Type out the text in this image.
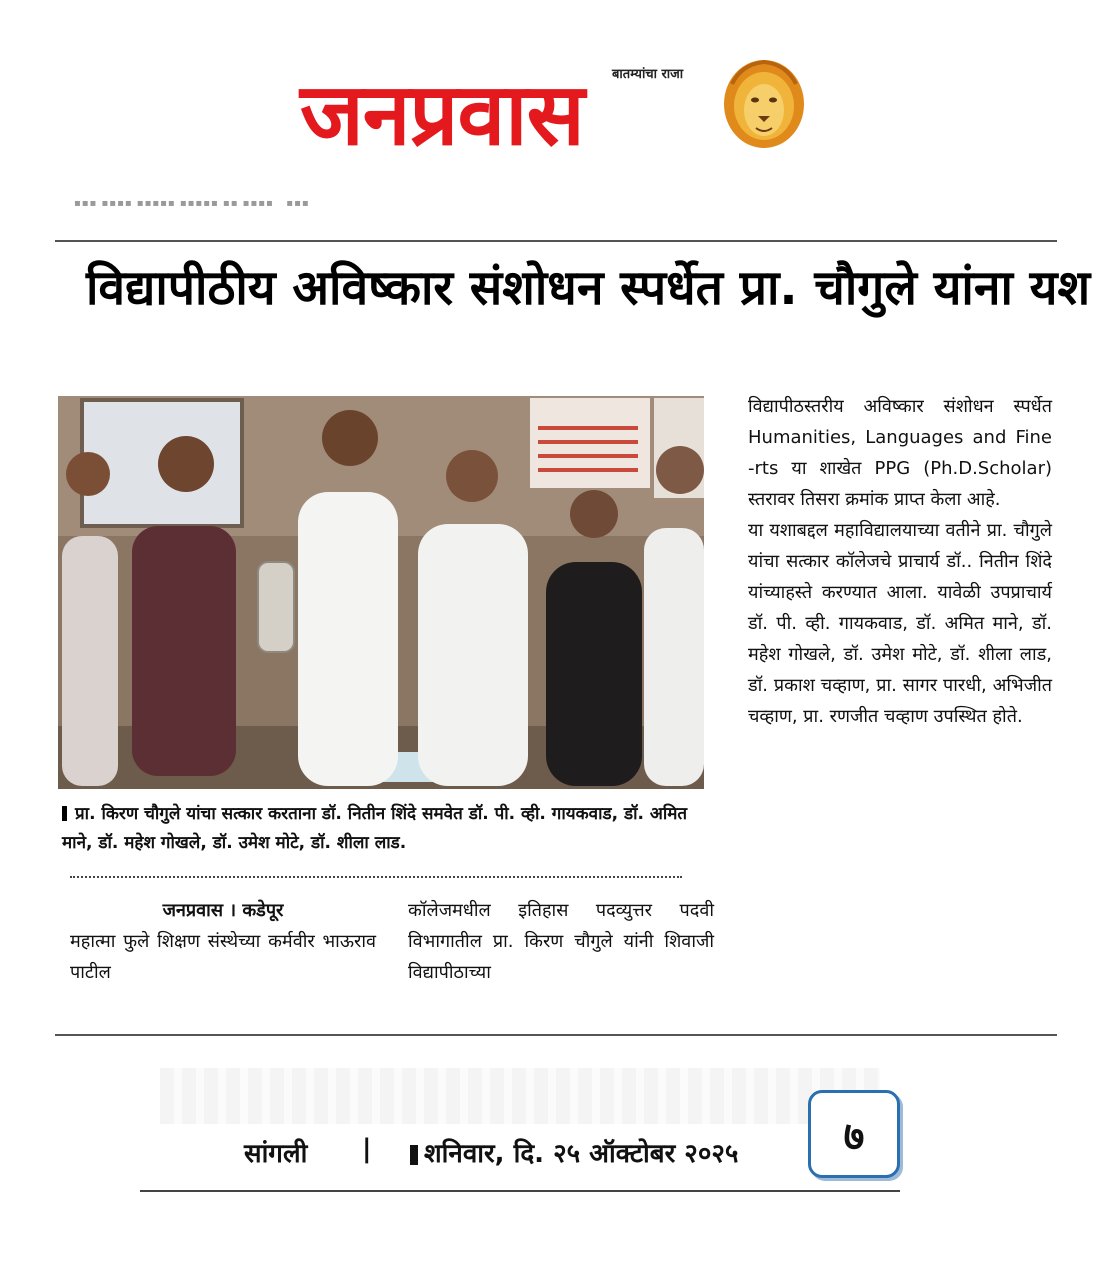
बातम्यांचा राजा
जनप्रवास
▪▪▪ ▪▪▪▪ ▪▪▪▪▪ ▪▪▪▪▪ ▪▪ ▪▪▪▪   ▪▪▪
विद्यापीठीय अविष्कार संशोधन स्पर्धेत प्रा. चौगुले यांना यश
प्रा. किरण चौगुले यांचा सत्कार करताना डॉ. नितीन शिंदे समवेत डॉ. पी. व्ही. गायकवाड, डॉ. अमित माने, डॉ. महेश गोखले, डॉ. उमेश मोटे, डॉ. शीला लाड.
जनप्रवास । कडेपूर
महात्मा फुले शिक्षण संस्थेच्या कर्मवीर भाऊराव पाटील
कॉलेजमधील इतिहास पदव्युत्तर पदवी विभागातील प्रा. किरण चौगुले यांनी शिवाजी विद्यापीठाच्या
विद्यापीठस्तरीय अविष्कार संशोधन स्पर्धेत Humanities, Languages and Fine -rts या शाखेत PPG (Ph.D.Scholar) स्तरावर तिसरा क्रमांक प्राप्त केला आहे.
या यशाबद्दल महाविद्यालयाच्या वतीने प्रा. चौगुले यांचा सत्कार कॉलेजचे प्राचार्य डॉ.. नितीन शिंदे यांच्याहस्ते करण्यात आला. यावेळी उपप्राचार्य डॉ. पी. व्ही. गायकवाड, डॉ. अमित माने, डॉ. महेश गोखले, डॉ. उमेश मोटे, डॉ. शीला लाड, डॉ. प्रकाश चव्हाण, प्रा. सागर पारधी, अभिजीत चव्हाण, प्रा. रणजीत चव्हाण उपस्थित होते.
सांगली | शनिवार, दि. २५ ऑक्टोबर २०२५	७
